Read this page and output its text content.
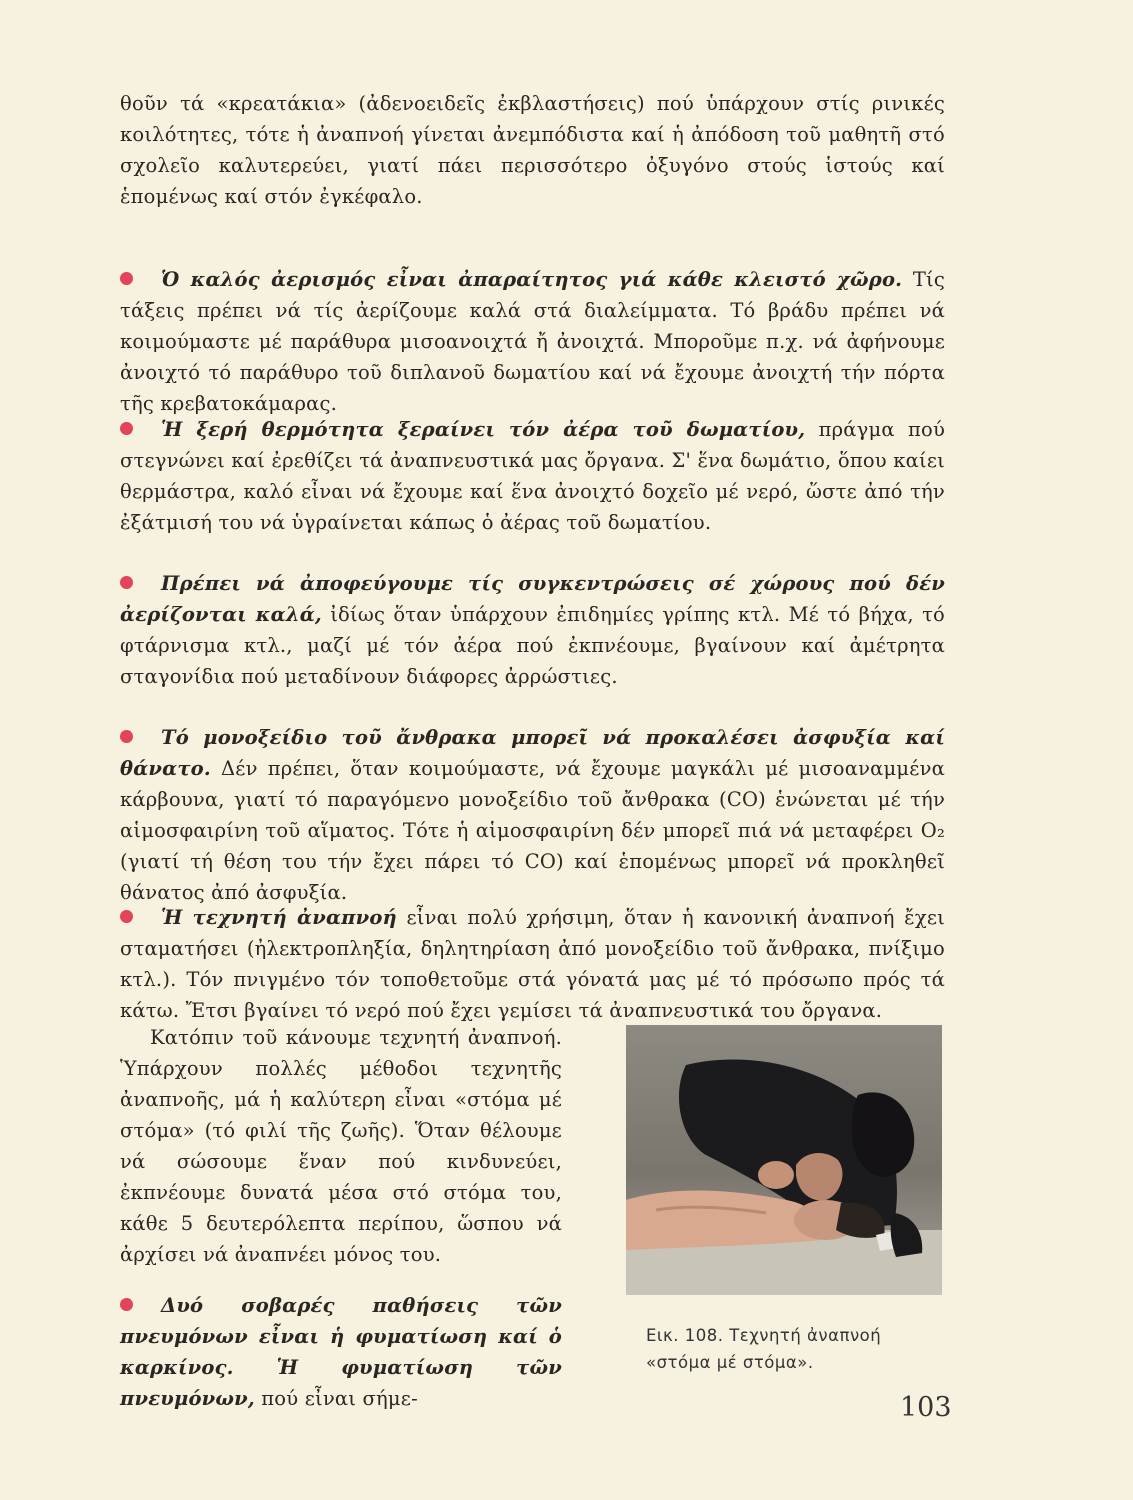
θοῦν τά «κρεατάκια» (ἀδενοειδεῖς ἐκβλαστήσεις) πού ὑπάρχουν στίς ρινικές κοιλότητες, τότε ἡ ἀναπνοή γίνεται ἀνεμπόδιστα καί ἡ ἀπόδοση τοῦ μαθητῆ στό σχολεῖο καλυτερεύει, γιατί πάει περισσότερο ὀξυγόνο στούς ἱστούς καί ἑπομένως καί στόν ἐγκέφαλο.

Ὁ καλός ἀερισμός εἶναι ἀπαραίτητος γιά κάθε κλειστό χῶρο. Τίς τάξεις πρέπει νά τίς ἀερίζουμε καλά στά διαλείμματα. Τό βράδυ πρέπει νά κοιμούμαστε μέ παράθυρα μισοανοιχτά ἤ ἀνοιχτά. Μποροῦμε π.χ. νά ἀφήνουμε ἀνοιχτό τό παράθυρο τοῦ διπλανοῦ δωματίου καί νά ἔχουμε ἀνοιχτή τήν πόρτα τῆς κρεβατοκάμαρας.

Ἡ ξερή θερμότητα ξεραίνει τόν ἀέρα τοῦ δωματίου, πράγμα πού στεγνώνει καί ἐρεθίζει τά ἀναπνευστικά μας ὄργανα. Σ' ἕνα δωμάτιο, ὅπου καίει θερμάστρα, καλό εἶναι νά ἔχουμε καί ἕνα ἀνοιχτό δοχεῖο μέ νερό, ὥστε ἀπό τήν ἐξάτμισή του νά ὑγραίνεται κάπως ὁ ἀέρας τοῦ δωματίου.

Πρέπει νά ἀποφεύγουμε τίς συγκεντρώσεις σέ χώρους πού δέν ἀερίζονται καλά, ἰδίως ὅταν ὑπάρχουν ἐπιδημίες γρίπης κτλ. Μέ τό βήχα, τό φτάρνισμα κτλ., μαζί μέ τόν ἀέρα πού ἐκπνέουμε, βγαίνουν καί ἀμέτρητα σταγονίδια πού μεταδίνουν διάφορες ἀρρώστιες.

Τό μονοξείδιο τοῦ ἄνθρακα μπορεῖ νά προκαλέσει ἀσφυξία καί θάνατο. Δέν πρέπει, ὅταν κοιμούμαστε, νά ἔχουμε μαγκάλι μέ μισοαναμμένα κάρβουνα, γιατί τό παραγόμενο μονοξείδιο τοῦ ἄνθρακα (CO) ἑνώνεται μέ τήν αἱμοσφαιρίνη τοῦ αἵματος. Τότε ἡ αἱμοσφαιρίνη δέν μπορεῖ πιά νά μεταφέρει O₂ (γιατί τή θέση του τήν ἔχει πάρει τό CO) καί ἑπομένως μπορεῖ νά προκληθεῖ θάνατος ἀπό ἀσφυξία.

Ἡ τεχνητή ἀναπνοή εἶναι πολύ χρήσιμη, ὅταν ἡ κανονική ἀναπνοή ἔχει σταματήσει (ἠλεκτροπληξία, δηλητηρίαση ἀπό μονοξείδιο τοῦ ἄνθρακα, πνίξιμο κτλ.). Τόν πνιγμένο τόν τοποθετοῦμε στά γόνατά μας μέ τό πρόσωπο πρός τά κάτω. Ἔτσι βγαίνει τό νερό πού ἔχει γεμίσει τά ἀναπνευστικά του ὄργανα.

Κατόπιν τοῦ κάνουμε τεχνητή ἀναπνοή. Ὑπάρχουν πολλές μέθοδοι τεχνητῆς ἀναπνοῆς, μά ἡ καλύτερη εἶναι «στόμα μέ στόμα» (τό φιλί τῆς ζωῆς). Ὅταν θέλουμε νά σώσουμε ἕναν πού κινδυνεύει, ἐκπνέουμε δυνατά μέσα στό στόμα του, κάθε 5 δευτερόλεπτα περίπου, ὥσπου νά ἀρχίσει νά ἀναπνέει μόνος του.

Δυό σοβαρές παθήσεις τῶν πνευμόνων εἶναι ἡ φυματίωση καί ὁ καρκίνος. Ἡ φυματίωση τῶν πνευμόνων, πού εἶναι σήμε-

Εικ. 108. Τεχνητή ἀναπνοή «στόμα μέ στόμα».
103
